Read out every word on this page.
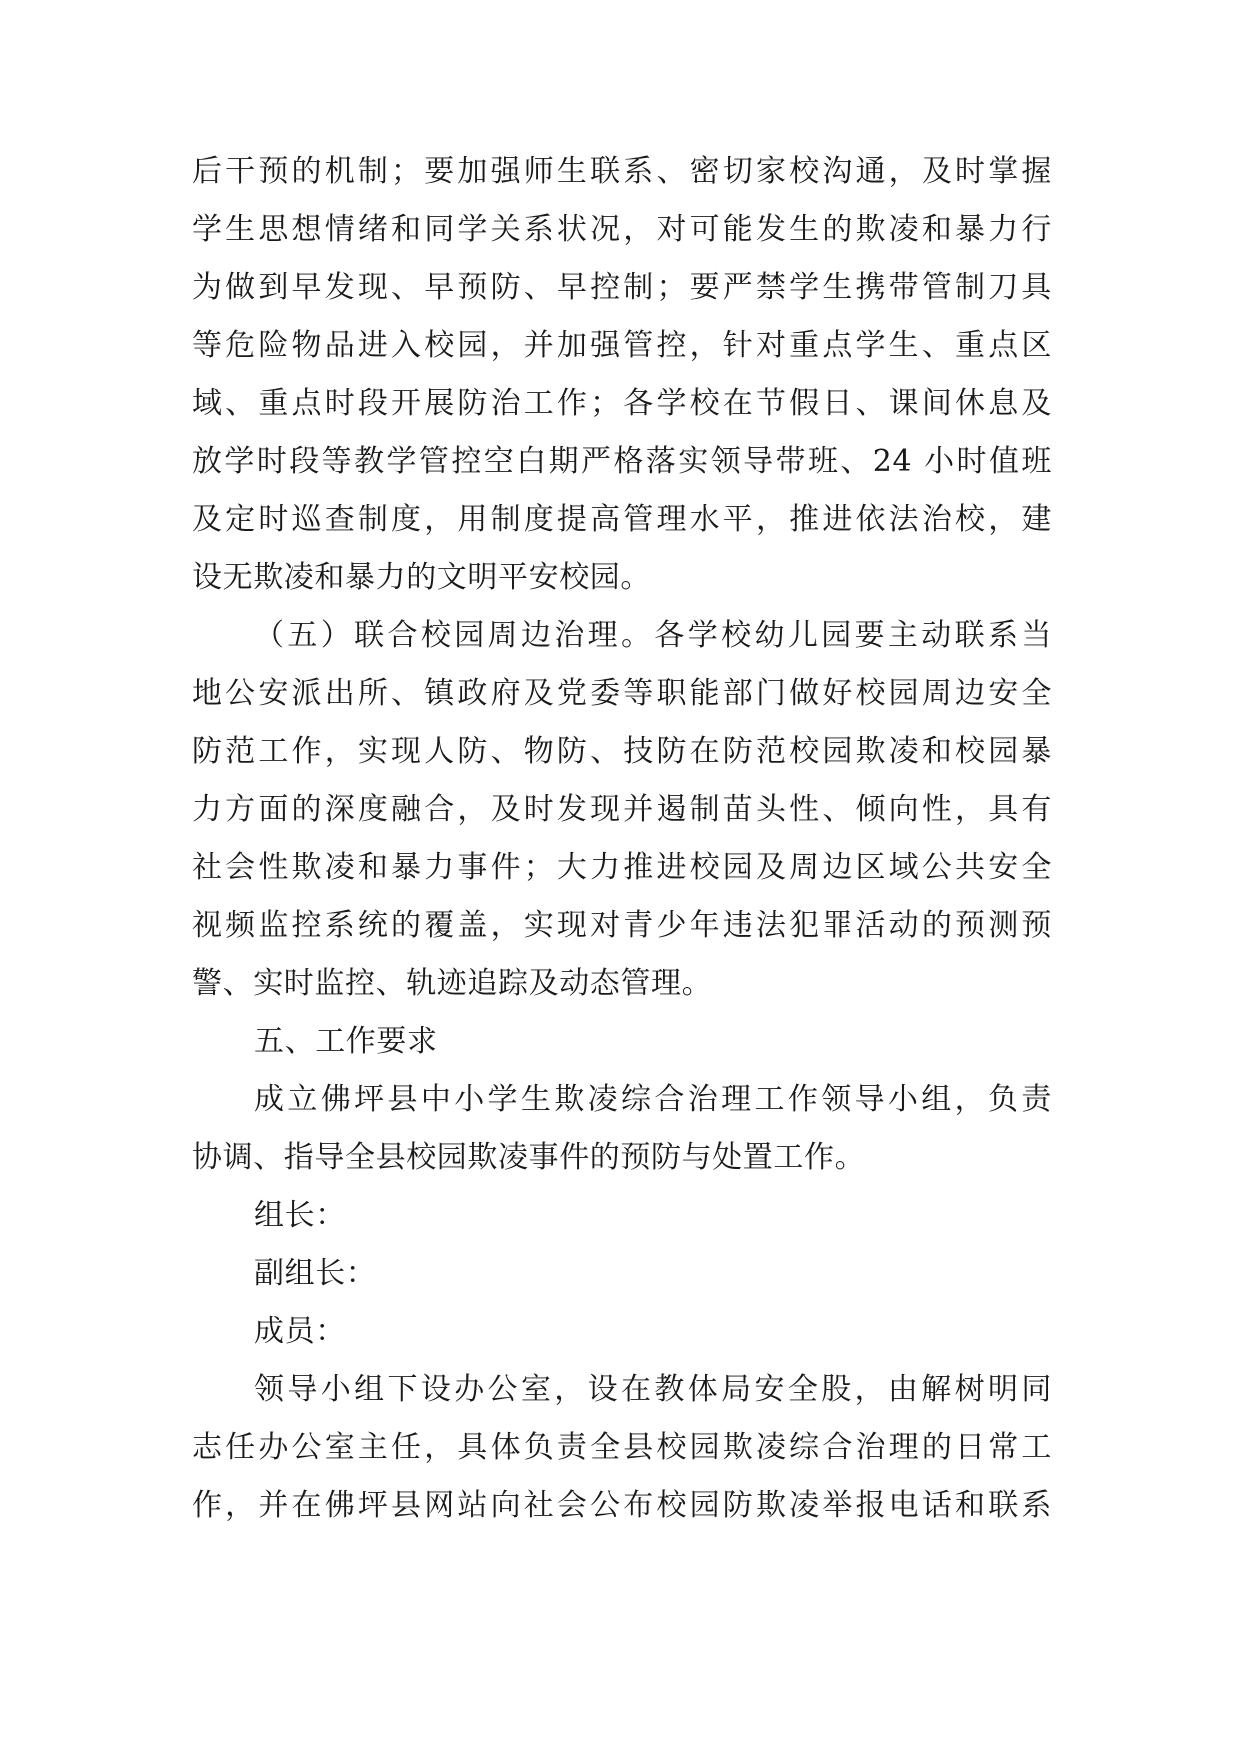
后干预的机制；要加强师生联系、密切家校沟通，及时掌握
学生思想情绪和同学关系状况，对可能发生的欺凌和暴力行
为做到早发现、早预防、早控制；要严禁学生携带管制刀具
等危险物品进入校园，并加强管控，针对重点学生、重点区
域、重点时段开展防治工作；各学校在节假日、课间休息及
放学时段等教学管控空白期严格落实领导带班、24 小时值班
及定时巡查制度，用制度提高管理水平，推进依法治校，建
设无欺凌和暴力的文明平安校园。
（五）联合校园周边治理。各学校幼儿园要主动联系当
地公安派出所、镇政府及党委等职能部门做好校园周边安全
防范工作，实现人防、物防、技防在防范校园欺凌和校园暴
力方面的深度融合，及时发现并遏制苗头性、倾向性，具有
社会性欺凌和暴力事件；大力推进校园及周边区域公共安全
视频监控系统的覆盖，实现对青少年违法犯罪活动的预测预
警、实时监控、轨迹追踪及动态管理。
五、工作要求
成立佛坪县中小学生欺凌综合治理工作领导小组，负责
协调、指导全县校园欺凌事件的预防与处置工作。
组长：
副组长：
成员：
领导小组下设办公室，设在教体局安全股，由解树明同
志任办公室主任，具体负责全县校园欺凌综合治理的日常工
作，并在佛坪县网站向社会公布校园防欺凌举报电话和联系
